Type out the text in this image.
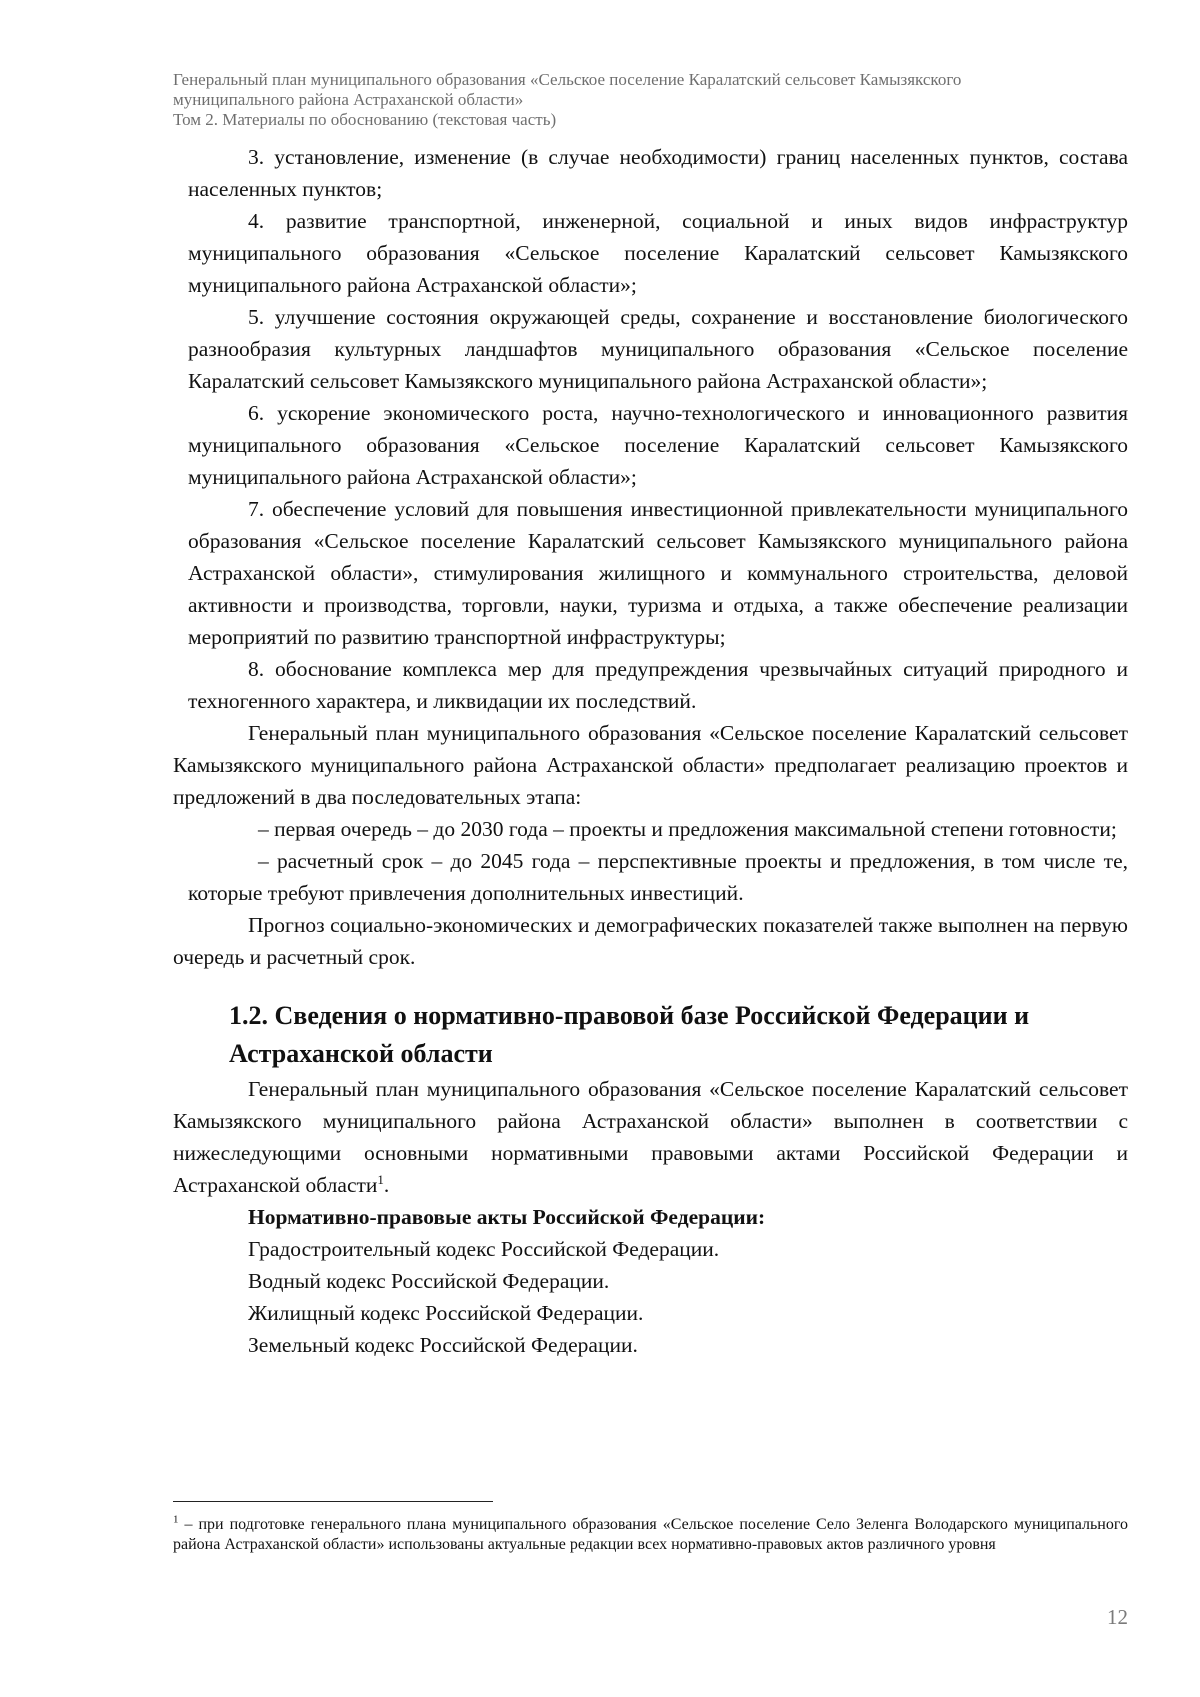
Генеральный план муниципального образования «Сельское поселение Каралатский сельсовет Камызякского
муниципального района Астраханской области»
Том 2. Материалы по обоснованию (текстовая часть)

3. установление, изменение (в случае необходимости) границ населенных пунктов, состава населенных пунктов;

4. развитие транспортной, инженерной, социальной и иных видов инфраструктур муниципального образования «Сельское поселение Каралатский сельсовет Камызякского муниципального района Астраханской области»;

5. улучшение состояния окружающей среды, сохранение и восстановление биологического разнообразия культурных ландшафтов муниципального образования «Сельское поселение Каралатский сельсовет Камызякского муниципального района Астраханской области»;

6. ускорение экономического роста, научно-технологического и инновационного развития муниципального образования «Сельское поселение Каралатский сельсовет Камызякского муниципального района Астраханской области»;

7. обеспечение условий для повышения инвестиционной привлекательности муниципального образования «Сельское поселение Каралатский сельсовет Камызякского муниципального района Астраханской области», стимулирования жилищного и коммунального строительства, деловой активности и производства, торговли, науки, туризма и отдыха, а также обеспечение реализации мероприятий по развитию транспортной инфраструктуры;

8. обоснование комплекса мер для предупреждения чрезвычайных ситуаций природного и техногенного характера, и ликвидации их последствий.

Генеральный план муниципального образования «Сельское поселение Каралатский сельсовет Камызякского муниципального района Астраханской области» предполагает реализацию проектов и предложений в два последовательных этапа:

– первая очередь – до 2030 года – проекты и предложения максимальной степени готовности;

– расчетный срок – до 2045 года – перспективные проекты и предложения, в том числе те, которые требуют привлечения дополнительных инвестиций.

Прогноз социально-экономических и демографических показателей также выполнен на первую очередь и расчетный срок.

1.2. Сведения о нормативно-правовой базе Российской Федерации и Астраханской области

Генеральный план муниципального образования «Сельское поселение Каралатский сельсовет Камызякского муниципального района Астраханской области» выполнен в соответствии с нижеследующими основными нормативными правовыми актами Российской Федерации и Астраханской области$^1$.

Нормативно-правовые акты Российской Федерации:

Градостроительный кодекс Российской Федерации.

Водный кодекс Российской Федерации.

Жилищный кодекс Российской Федерации.

Земельный кодекс Российской Федерации.

$^1$ – при подготовке генерального плана муниципального образования «Сельское поселение Село Зеленга Володарского муниципального района Астраханской области» использованы актуальные редакции всех нормативно-правовых актов различного уровня
12
